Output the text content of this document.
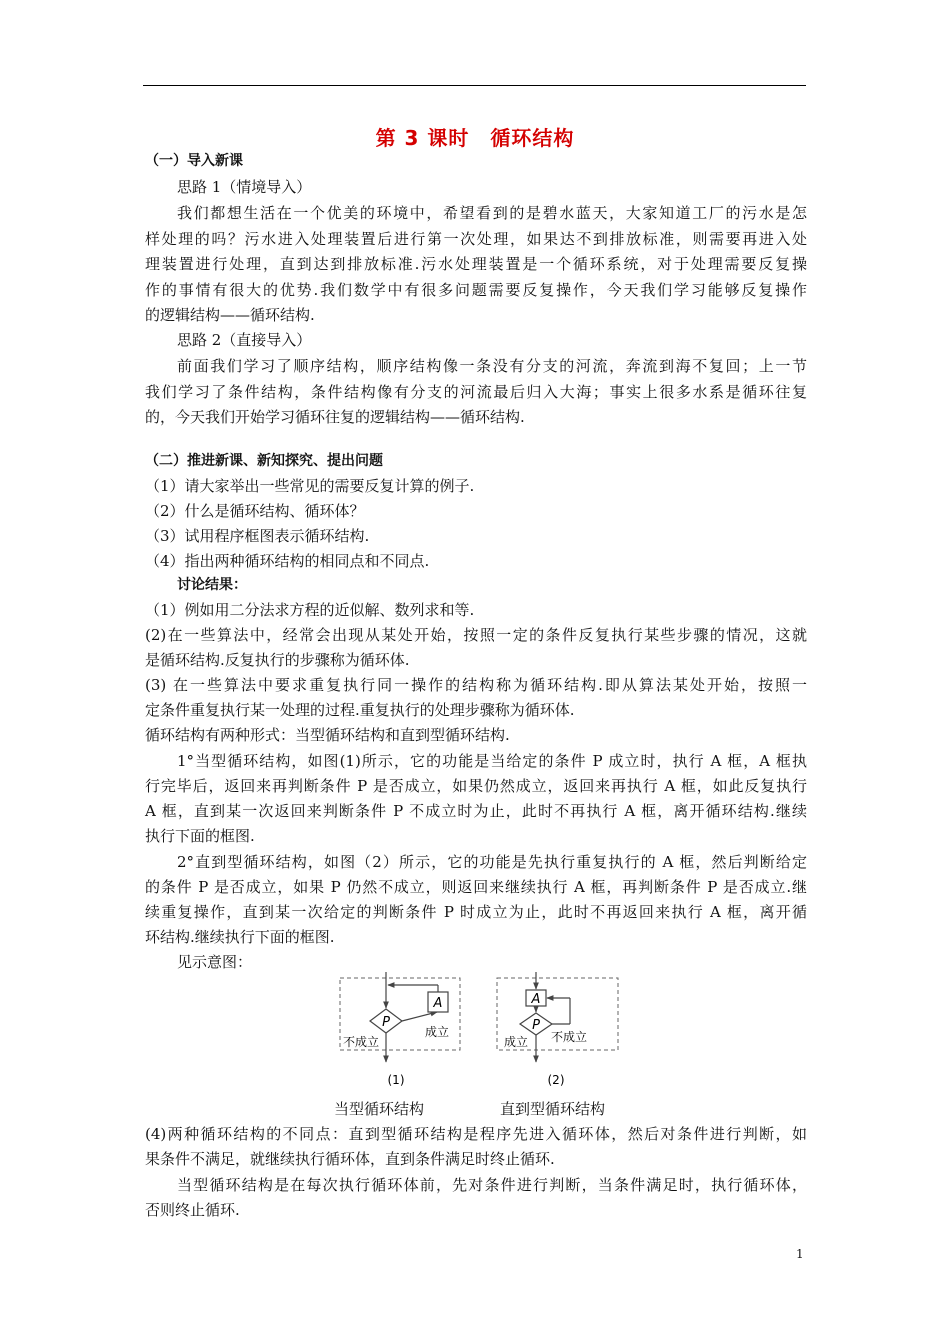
第 3 课时　循环结构
（一）导入新课
思路 1（情境导入）
我们都想生活在一个优美的环境中，希望看到的是碧水蓝天，大家知道工厂的污水是怎
样处理的吗？污水进入处理装置后进行第一次处理，如果达不到排放标准，则需要再进入处
理装置进行处理，直到达到排放标准.污水处理装置是一个循环系统，对于处理需要反复操
作的事情有很大的优势.我们数学中有很多问题需要反复操作，今天我们学习能够反复操作
的逻辑结构——循环结构.
思路 2（直接导入）
前面我们学习了顺序结构，顺序结构像一条没有分支的河流，奔流到海不复回；上一节
我们学习了条件结构，条件结构像有分支的河流最后归入大海；事实上很多水系是循环往复
的，今天我们开始学习循环往复的逻辑结构——循环结构.
（二）推进新课、新知探究、提出问题
（1）请大家举出一些常见的需要反复计算的例子.
（2）什么是循环结构、循环体？
（3）试用程序框图表示循环结构.
（4）指出两种循环结构的相同点和不同点.
讨论结果：
（1）例如用二分法求方程的近似解、数列求和等.
(2)在一些算法中，经常会出现从某处开始，按照一定的条件反复执行某些步骤的情况，这就
是循环结构.反复执行的步骤称为循环体.
(3) 在一些算法中要求重复执行同一操作的结构称为循环结构.即从算法某处开始，按照一
定条件重复执行某一处理的过程.重复执行的处理步骤称为循环体.
循环结构有两种形式：当型循环结构和直到型循环结构.
1°当型循环结构，如图(1)所示，它的功能是当给定的条件 P 成立时，执行 A 框，A 框执
行完毕后，返回来再判断条件 P 是否成立，如果仍然成立，返回来再执行 A 框，如此反复执行
A 框，直到某一次返回来判断条件 P 不成立时为止，此时不再执行 A 框，离开循环结构.继续
执行下面的框图.
2°直到型循环结构，如图（2）所示，它的功能是先执行重复执行的 A 框，然后判断给定
的条件 P 是否成立，如果 P 仍然不成立，则返回来继续执行 A 框，再判断条件 P 是否成立.继
续重复操作，直到某一次给定的判断条件 P 时成立为止，此时不再返回来执行 A 框，离开循
环结构.继续执行下面的框图.
见示意图：
P
A
成立
不成立
(1)
A
P
不成立
成立
(2)
当型循环结构	直到型循环结构
(4)两种循环结构的不同点：直到型循环结构是程序先进入循环体，然后对条件进行判断，如
果条件不满足，就继续执行循环体，直到条件满足时终止循环.
当型循环结构是在每次执行循环体前，先对条件进行判断，当条件满足时，执行循环体，
否则终止循环.
1
